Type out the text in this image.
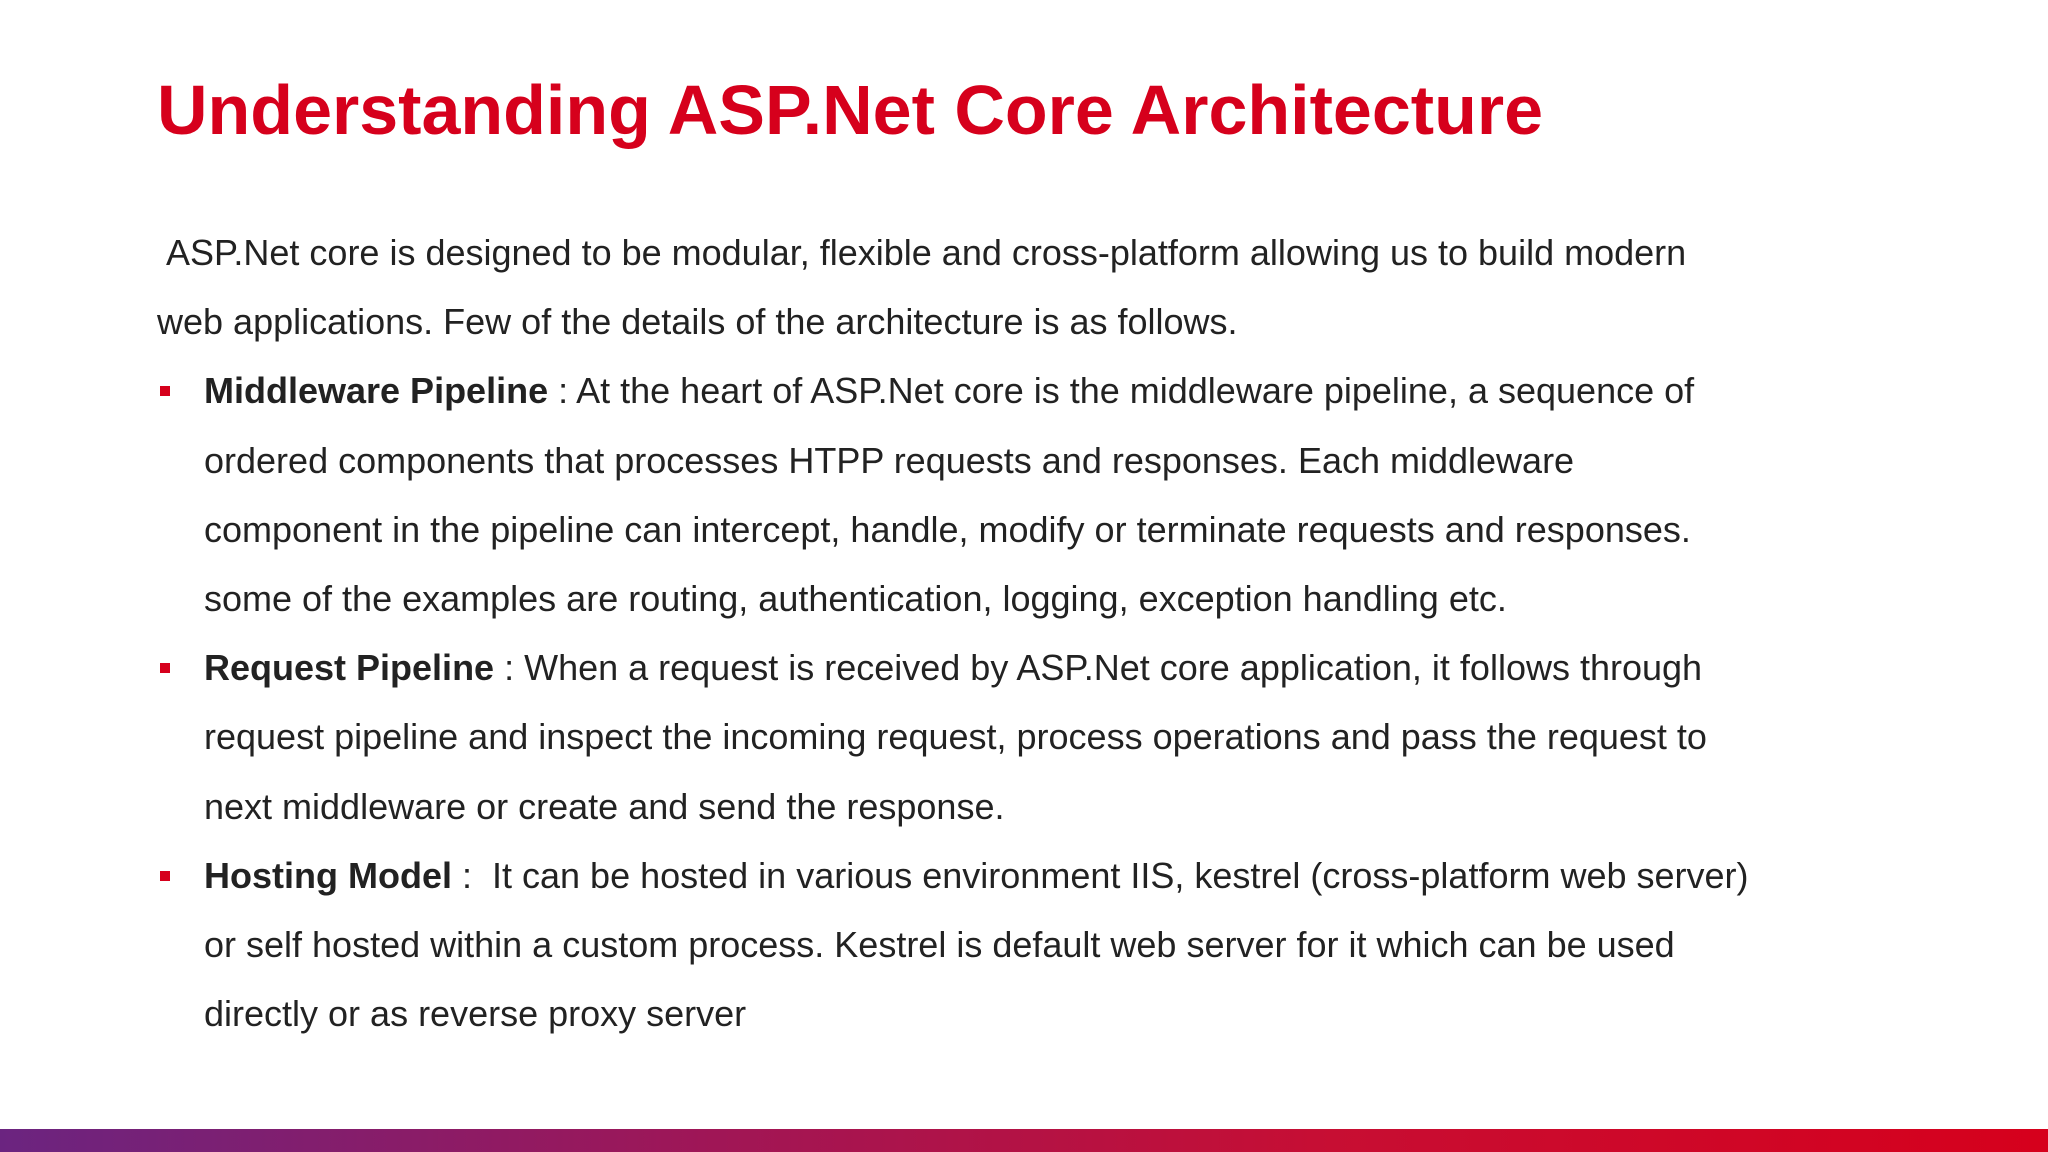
Understanding ASP.Net Core Architecture

ASP.Net core is designed to be modular, flexible and cross-platform allowing us to build modern
web applications. Few of the details of the architecture is as follows.

Middleware Pipeline : At the heart of ASP.Net core is the middleware pipeline, a sequence of
ordered components that processes HTPP requests and responses. Each middleware
component in the pipeline can intercept, handle, modify or terminate requests and responses.
some of the examples are routing, authentication, logging, exception handling etc.
Request Pipeline : When a request is received by ASP.Net core application, it follows through
request pipeline and inspect the incoming request, process operations and pass the request to
next middleware or create and send the response.
Hosting Model :  It can be hosted in various environment IIS, kestrel (cross-platform web server)
or self hosted within a custom process. Kestrel is default web server for it which can be used
directly or as reverse proxy server
